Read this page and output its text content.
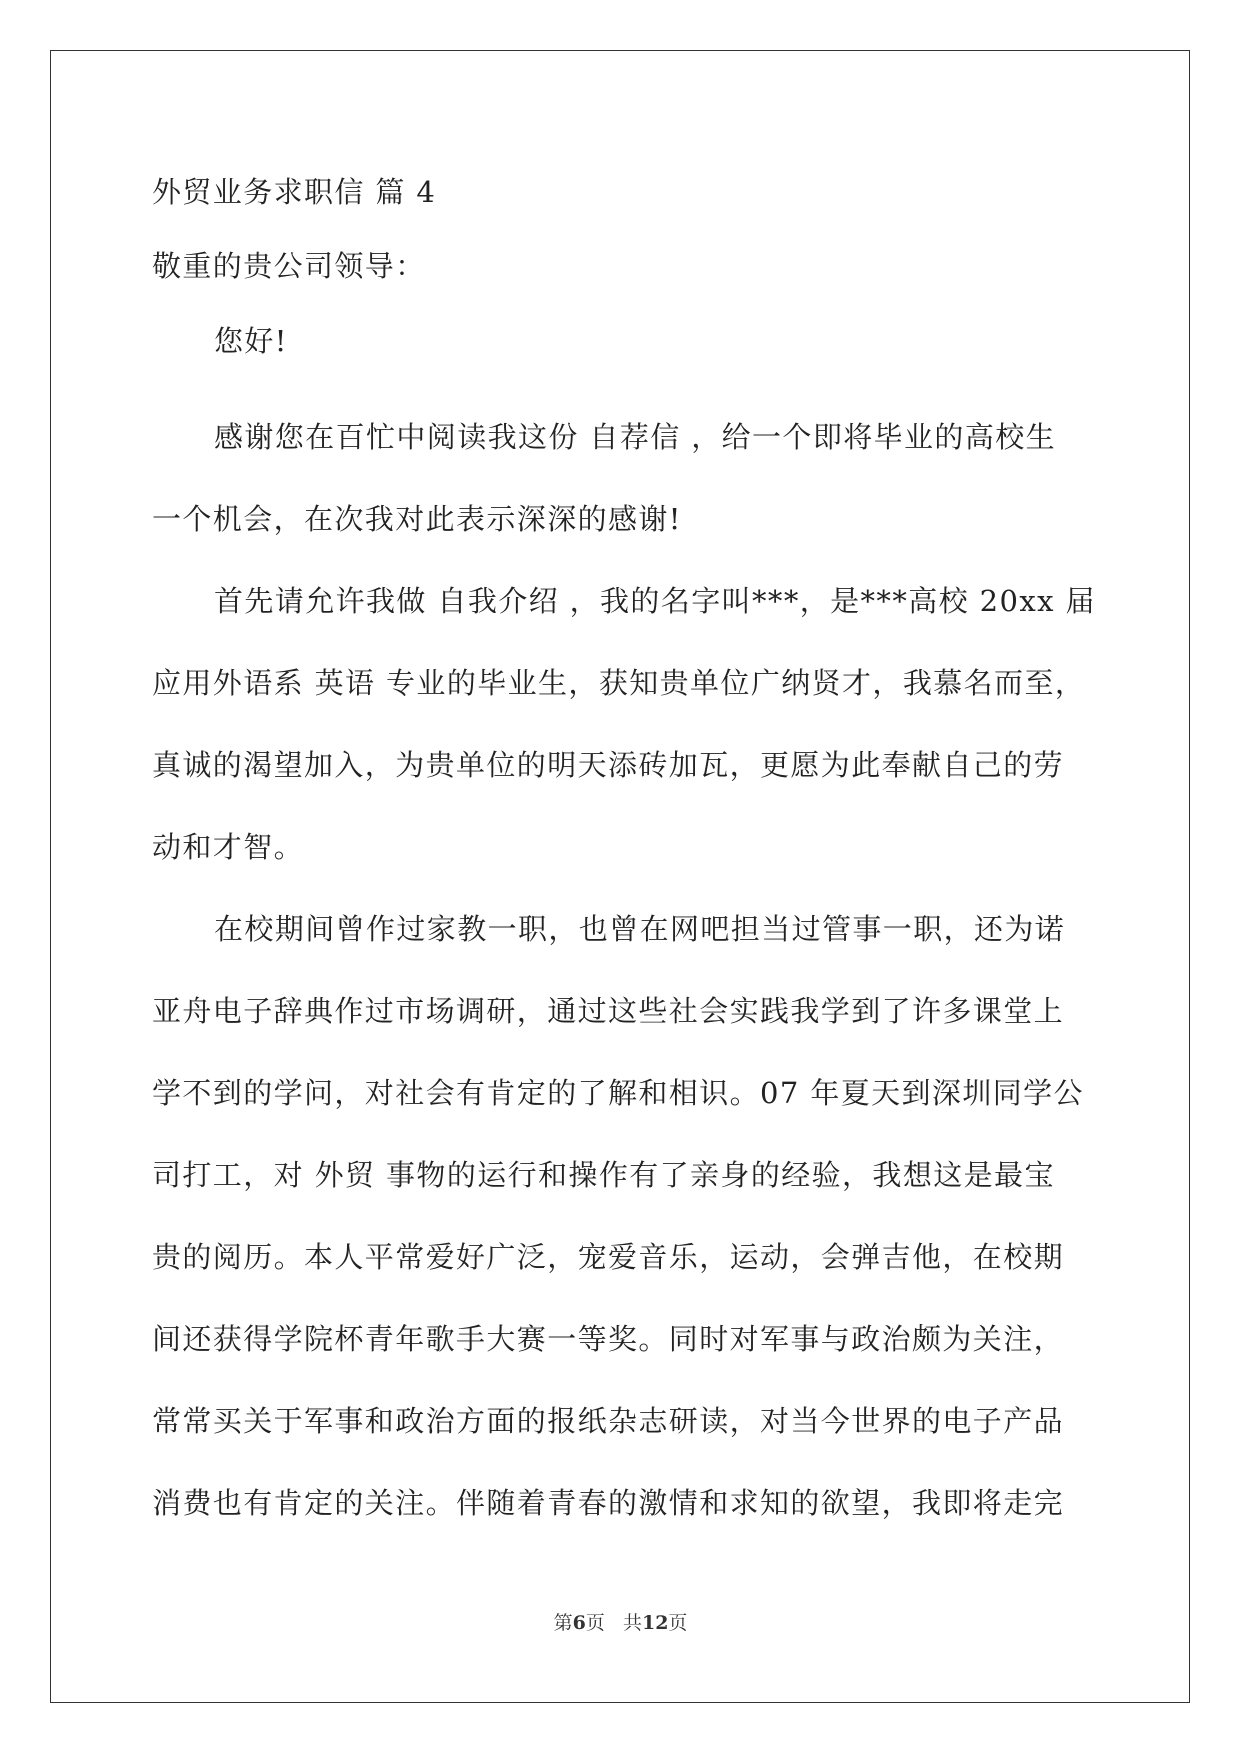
外贸业务求职信 篇 4
敬重的贵公司领导：
您好!
感谢您在百忙中阅读我这份 自荐信 ，给一个即将毕业的高校生
一个机会，在次我对此表示深深的感谢!
首先请允许我做 自我介绍 ，我的名字叫***，是***高校 20xx 届
应用外语系 英语 专业的毕业生，获知贵单位广纳贤才，我慕名而至，
真诚的渴望加入，为贵单位的明天添砖加瓦，更愿为此奉献自己的劳
动和才智。
在校期间曾作过家教一职，也曾在网吧担当过管事一职，还为诺
亚舟电子辞典作过市场调研，通过这些社会实践我学到了许多课堂上
学不到的学问，对社会有肯定的了解和相识。07 年夏天到深圳同学公
司打工，对 外贸 事物的运行和操作有了亲身的经验，我想这是最宝
贵的阅历。本人平常爱好广泛，宠爱音乐，运动，会弹吉他，在校期
间还获得学院杯青年歌手大赛一等奖。同时对军事与政治颇为关注，
常常买关于军事和政治方面的报纸杂志研读，对当今世界的电子产品
消费也有肯定的关注。伴随着青春的激情和求知的欲望，我即将走完
第6页 共12页
